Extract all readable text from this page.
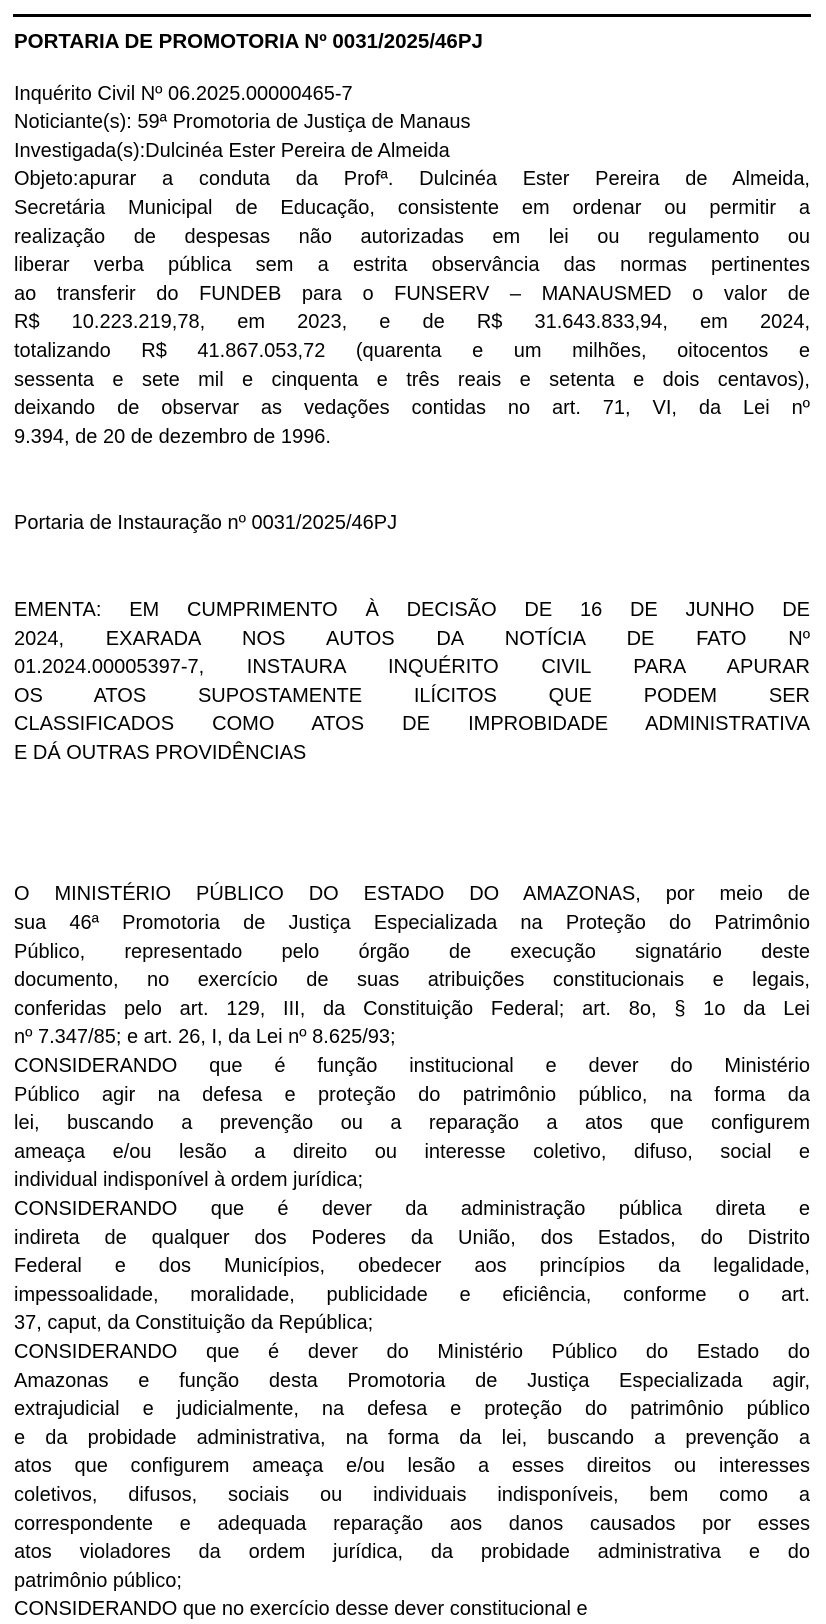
PORTARIA DE PROMOTORIA Nº 0031/2025/46PJ
Inquérito Civil Nº 06.2025.00000465-7
Noticiante(s): 59ª Promotoria de Justiça de Manaus
Investigada(s):Dulcinéa Ester Pereira de Almeida
Objeto:apurar a conduta da Profª. Dulcinéa Ester Pereira de Almeida,
Secretária Municipal de Educação, consistente em ordenar ou permitir a
realização de despesas não autorizadas em lei ou regulamento ou
liberar verba pública sem a estrita observância das normas pertinentes
ao transferir do FUNDEB para o FUNSERV – MANAUSMED o valor de
R$ 10.223.219,78, em 2023, e de R$ 31.643.833,94, em 2024,
totalizando R$ 41.867.053,72 (quarenta e um milhões, oitocentos e
sessenta e sete mil e cinquenta e três reais e setenta e dois centavos),
deixando de observar as vedações contidas no art. 71, VI, da Lei nº
9.394, de 20 de dezembro de 1996.
Portaria de Instauração nº 0031/2025/46PJ
EMENTA: EM CUMPRIMENTO À DECISÃO DE 16 DE JUNHO DE
2024, EXARADA NOS AUTOS DA NOTÍCIA DE FATO Nº
01.2024.00005397-7, INSTAURA INQUÉRITO CIVIL PARA APURAR
OS ATOS SUPOSTAMENTE ILÍCITOS QUE PODEM SER
CLASSIFICADOS COMO ATOS DE IMPROBIDADE ADMINISTRATIVA
E DÁ OUTRAS PROVIDÊNCIAS
O MINISTÉRIO PÚBLICO DO ESTADO DO AMAZONAS, por meio de
sua 46ª Promotoria de Justiça Especializada na Proteção do Patrimônio
Público, representado pelo órgão de execução signatário deste
documento, no exercício de suas atribuições constitucionais e legais,
conferidas pelo art. 129, III, da Constituição Federal; art. 8o, § 1o da Lei
nº 7.347/85; e art. 26, I, da Lei nº 8.625/93;
CONSIDERANDO que é função institucional e dever do Ministério
Público agir na defesa e proteção do patrimônio público, na forma da
lei, buscando a prevenção ou a reparação a atos que configurem
ameaça e/ou lesão a direito ou interesse coletivo, difuso, social e
individual indisponível à ordem jurídica;
CONSIDERANDO que é dever da administração pública direta e
indireta de qualquer dos Poderes da União, dos Estados, do Distrito
Federal e dos Municípios, obedecer aos princípios da legalidade,
impessoalidade, moralidade, publicidade e eficiência, conforme o art.
37, caput, da Constituição da República;
CONSIDERANDO que é dever do Ministério Público do Estado do
Amazonas e função desta Promotoria de Justiça Especializada agir,
extrajudicial e judicialmente, na defesa e proteção do patrimônio público
e da probidade administrativa, na forma da lei, buscando a prevenção a
atos que configurem ameaça e/ou lesão a esses direitos ou interesses
coletivos, difusos, sociais ou individuais indisponíveis, bem como a
correspondente e adequada reparação aos danos causados por esses
atos violadores da ordem jurídica, da probidade administrativa e do
patrimônio público;
CONSIDERANDO que no exercício desse dever constitucional e
